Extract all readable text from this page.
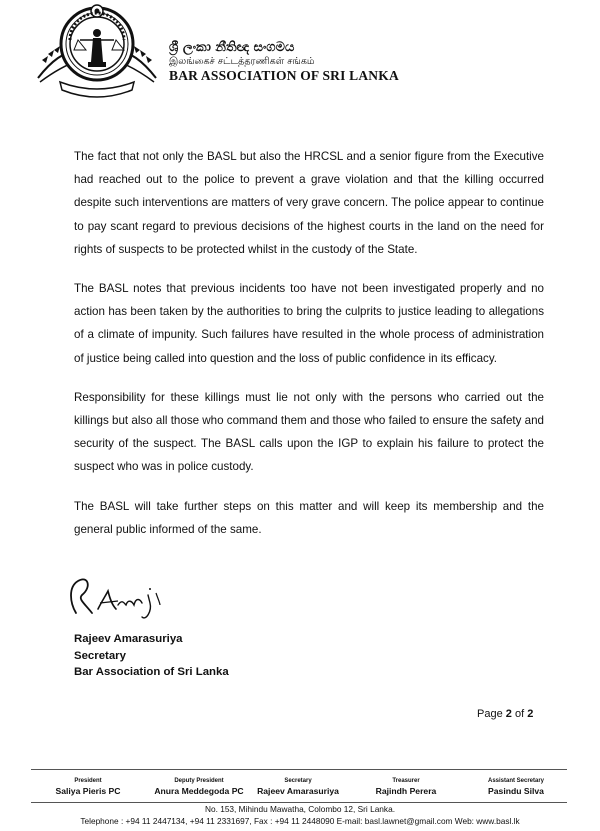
ශ්‍රී ලංකා නීතිඥ සංගමය
இலங்கைச் சட்டத்தரணிகள் சங்கம்
BAR ASSOCIATION OF SRI LANKA

The fact that not only the BASL but also the HRCSL and a senior figure from the Executive had reached out to the police to prevent a grave violation and that the killing occurred despite such interventions are matters of very grave concern. The police appear to continue to pay scant regard to previous decisions of the highest courts in the land on the need for rights of suspects to be protected whilst in the custody of the State.

The BASL notes that previous incidents too have not been investigated properly and no action has been taken by the authorities to bring the culprits to justice leading to allegations of a climate of impunity. Such failures have resulted in the whole process of administration of justice being called into question and the loss of public confidence in its efficacy.

Responsibility for these killings must lie not only with the persons who carried out the killings but also all those who command them and those who failed to ensure the safety and security of the suspect. The BASL calls upon the IGP to explain his failure to protect the suspect who was in police custody.

The BASL will take further steps on this matter and will keep its membership and the general public informed of the same.

Rajeev Amarasuriya
Secretary
Bar Association of Sri Lanka
Page 2 of 2
President
Saliya Pieris PC
Deputy President
Anura Meddegoda PC
Secretary
Rajeev Amarasuriya
Treasurer
Rajindh Perera
Assistant Secretary
Pasindu Silva
No. 153, Mihindu Mawatha, Colombo 12, Sri Lanka.
Telephone : +94 11 2447134, +94 11 2331697, Fax : +94 11 2448090 E-mail: basl.lawnet@gmail.com Web: www.basl.lk
